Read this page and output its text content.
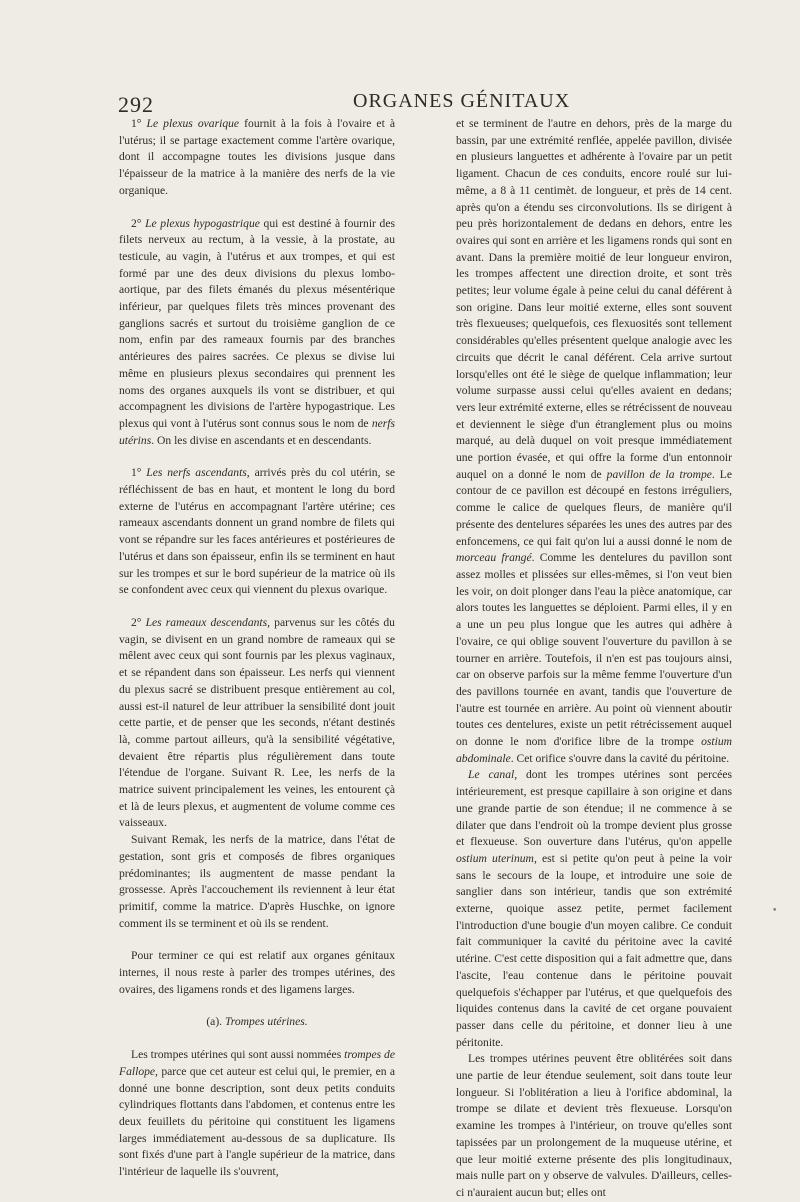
292	ORGANES GÉNITAUX

1° Le plexus ovarique fournit à la fois à l'ovaire et à l'utérus; il se partage exactement comme l'artère ovarique, dont il accompagne toutes les divisions jusque dans l'épaisseur de la matrice à la manière des nerfs de la vie organique.

2° Le plexus hypogastrique qui est destiné à fournir des filets nerveux au rectum, à la vessie, à la prostate, au testicule, au vagin, à l'utérus et aux trompes, et qui est formé par une des deux divisions du plexus lombo-aortique, par des filets émanés du plexus mésentérique inférieur, par quelques filets très minces provenant des ganglions sacrés et surtout du troisième ganglion de ce nom, enfin par des rameaux fournis par des branches antérieures des paires sacrées. Ce plexus se divise lui même en plusieurs plexus secondaires qui prennent les noms des organes auxquels ils vont se distribuer, et qui accompagnent les divisions de l'artère hypogastrique. Les plexus qui vont à l'utérus sont connus sous le nom de nerfs utérins. On les divise en ascendants et en descendants.

1° Les nerfs ascendants, arrivés près du col utérin, se réfléchissent de bas en haut, et montent le long du bord externe de l'utérus en accompagnant l'artère utérine; ces rameaux ascendants donnent un grand nombre de filets qui vont se répandre sur les faces antérieures et postérieures de l'utérus et dans son épaisseur, enfin ils se terminent en haut sur les trompes et sur le bord supérieur de la matrice où ils se confondent avec ceux qui viennent du plexus ovarique.

2° Les rameaux descendants, parvenus sur les côtés du vagin, se divisent en un grand nombre de rameaux qui se mêlent avec ceux qui sont fournis par les plexus vaginaux, et se répandent dans son épaisseur. Les nerfs qui viennent du plexus sacré se distribuent presque entièrement au col, aussi est-il naturel de leur attribuer la sensibilité dont jouit cette partie, et de penser que les seconds, n'étant destinés là, comme partout ailleurs, qu'à la sensibilité végétative, devaient être répartis plus régulièrement dans toute l'étendue de l'organe. Suivant R. Lee, les nerfs de la matrice suivent principalement les veines, les entourent çà et là de leurs plexus, et augmentent de volume comme ces vaisseaux.

Suivant Remak, les nerfs de la matrice, dans l'état de gestation, sont gris et composés de fibres organiques prédominantes; ils augmentent de masse pendant la grossesse. Après l'accouchement ils reviennent à leur état primitif, comme la matrice. D'après Huschke, on ignore comment ils se terminent et où ils se rendent.

Pour terminer ce qui est relatif aux organes génitaux internes, il nous reste à parler des trompes utérines, des ovaires, des ligamens ronds et des ligamens larges.

(a). Trompes utérines.

Les trompes utérines qui sont aussi nommées trompes de Fallope, parce que cet auteur est celui qui, le premier, en a donné une bonne description, sont deux petits conduits cylindriques flottants dans l'abdomen, et contenus entre les deux feuillets du péritoine qui constituent les ligamens larges immédiatement au-dessous de sa duplicature. Ils sont fixés d'une part à l'angle supérieur de la matrice, dans l'intérieur de laquelle ils s'ouvrent,

et se terminent de l'autre en dehors, près de la marge du bassin, par une extrémité renflée, appelée pavillon, divisée en plusieurs languettes et adhérente à l'ovaire par un petit ligament. Chacun de ces conduits, encore roulé sur lui-même, a 8 à 11 centimèt. de longueur, et près de 14 cent. après qu'on a étendu ses circonvolutions. Ils se dirigent à peu près horizontalement de dedans en dehors, entre les ovaires qui sont en arrière et les ligamens ronds qui sont en avant. Dans la première moitié de leur longueur environ, les trompes affectent une direction droite, et sont très petites; leur volume égale à peine celui du canal déférent à son origine. Dans leur moitié externe, elles sont souvent très flexueuses; quelquefois, ces flexuosités sont tellement considérables qu'elles présentent quelque analogie avec les circuits que décrit le canal déférent. Cela arrive surtout lorsqu'elles ont été le siège de quelque inflammation; leur volume surpasse aussi celui qu'elles avaient en dedans; vers leur extrémité externe, elles se rétrécissent de nouveau et deviennent le siège d'un étranglement plus ou moins marqué, au delà duquel on voit presque immédiatement une portion évasée, et qui offre la forme d'un entonnoir auquel on a donné le nom de pavillon de la trompe. Le contour de ce pavillon est découpé en festons irréguliers, comme le calice de quelques fleurs, de manière qu'il présente des dentelures séparées les unes des autres par des enfoncemens, ce qui fait qu'on lui a aussi donné le nom de morceau frangé. Comme les dentelures du pavillon sont assez molles et plissées sur elles-mêmes, si l'on veut bien les voir, on doit plonger dans l'eau la pièce anatomique, car alors toutes les languettes se déploient. Parmi elles, il y en a une un peu plus longue que les autres qui adhère à l'ovaire, ce qui oblige souvent l'ouverture du pavillon à se tourner en arrière. Toutefois, il n'en est pas toujours ainsi, car on observe parfois sur la même femme l'ouverture d'un des pavillons tournée en avant, tandis que l'ouverture de l'autre est tournée en arrière. Au point où viennent aboutir toutes ces dentelures, existe un petit rétrécissement auquel on donne le nom d'orifice libre de la trompe ostium abdominale. Cet orifice s'ouvre dans la cavité du péritoine.

Le canal, dont les trompes utérines sont percées intérieurement, est presque capillaire à son origine et dans une grande partie de son étendue; il ne commence à se dilater que dans l'endroit où la trompe devient plus grosse et flexueuse. Son ouverture dans l'utérus, qu'on appelle ostium uterinum, est si petite qu'on peut à peine la voir sans le secours de la loupe, et introduire une soie de sanglier dans son intérieur, tandis que son extrémité externe, quoique assez petite, permet facilement l'introduction d'une bougie d'un moyen calibre. Ce conduit fait communiquer la cavité du péritoine avec la cavité utérine. C'est cette disposition qui a fait admettre que, dans l'ascite, l'eau contenue dans le péritoine pouvait quelquefois s'échapper par l'utérus, et que quelquefois des liquides contenus dans la cavité de cet organe pouvaient passer dans celle du péritoine, et donner lieu à une péritonite.

Les trompes utérines peuvent être oblitérées soit dans une partie de leur étendue seulement, soit dans toute leur longueur. Si l'oblitération a lieu à l'orifice abdominal, la trompe se dilate et devient très flexueuse. Lorsqu'on examine les trompes à l'intérieur, on trouve qu'elles sont tapissées par un prolongement de la muqueuse utérine, et que leur moitié externe présente des plis longitudinaux, mais nulle part on y observe de valvules. D'ailleurs, celles-ci n'auraient aucun but; elles ont

•
